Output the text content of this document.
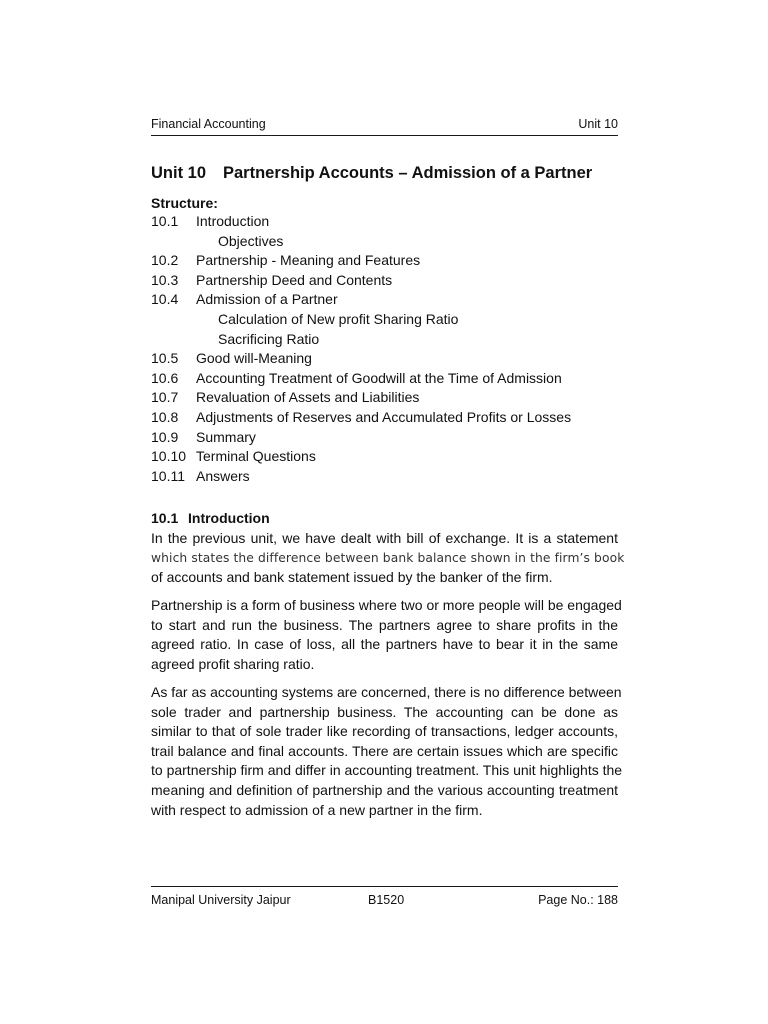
Financial Accounting	Unit 10
Unit 10 Partnership Accounts – Admission of a Partner
Structure:
10.1 Introduction
Objectives
10.2 Partnership - Meaning and Features
10.3 Partnership Deed and Contents
10.4 Admission of a Partner
Calculation of New profit Sharing Ratio
Sacrificing Ratio
10.5 Good will-Meaning
10.6 Accounting Treatment of Goodwill at the Time of Admission
10.7 Revaluation of Assets and Liabilities
10.8 Adjustments of Reserves and Accumulated Profits or Losses
10.9 Summary
10.10 Terminal Questions
10.11 Answers
10.1 Introduction
In the previous unit, we have dealt with bill of exchange. It is a statement
which states the difference between bank balance shown in the firm’s book
of accounts and bank statement issued by the banker of the firm.
Partnership is a form of business where two or more people will be engaged
to start and run the business. The partners agree to share profits in the
agreed ratio. In case of loss, all the partners have to bear it in the same
agreed profit sharing ratio.
As far as accounting systems are concerned, there is no difference between
sole trader and partnership business. The accounting can be done as
similar to that of sole trader like recording of transactions, ledger accounts,
trail balance and final accounts. There are certain issues which are specific
to partnership firm and differ in accounting treatment. This unit highlights the
meaning and definition of partnership and the various accounting treatment
with respect to admission of a new partner in the firm.
Manipal University Jaipur	B1520	Page No.: 188
